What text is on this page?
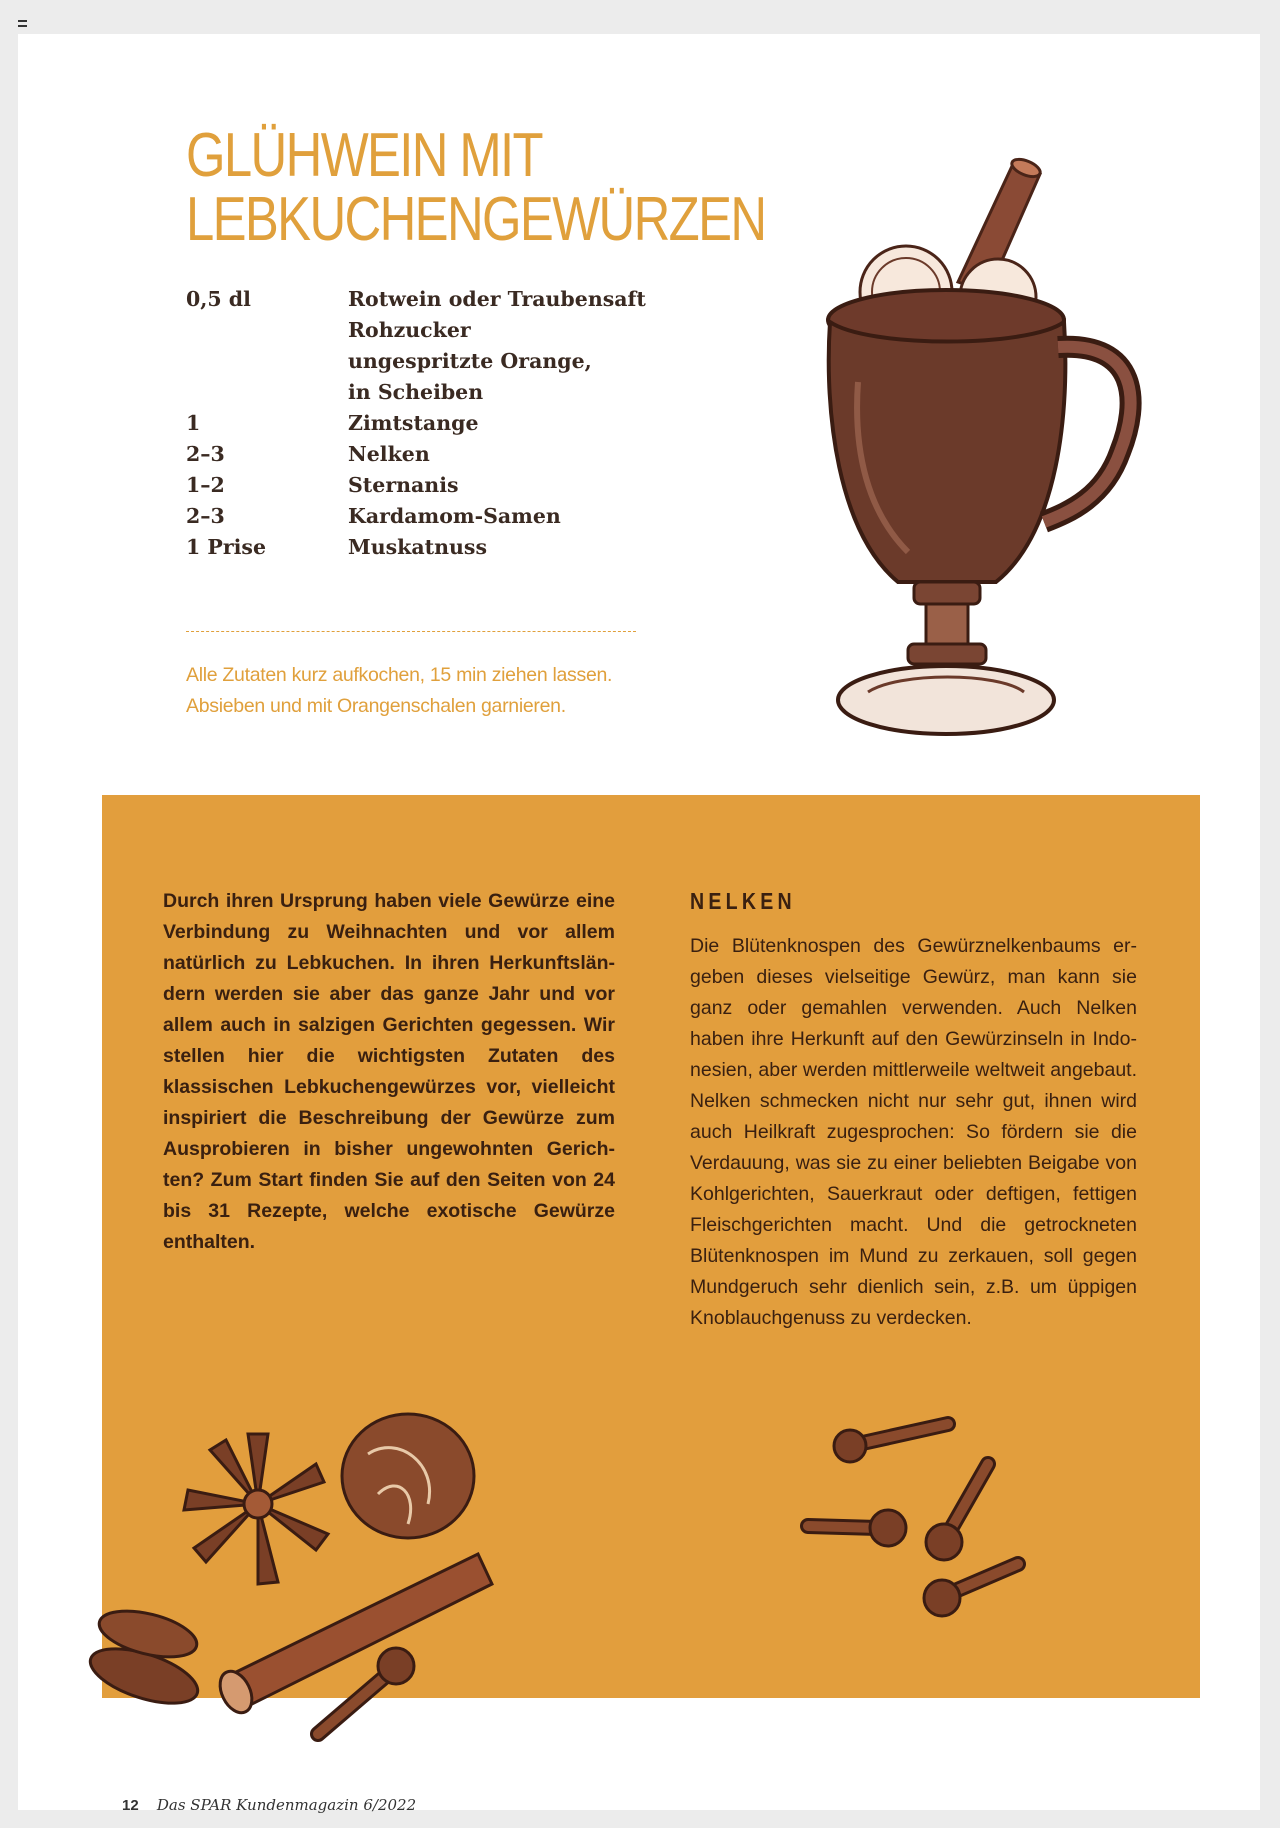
GLÜHWEIN MIT
LEBKUCHENGEWÜRZEN
0,5 dl	Rotwein oder Traubensaft
Rohzucker
ungespritzte Orange,
in Scheiben
1	Zimtstange
2–3	Nelken
1–2	Sternanis
2–3	Kardamom-Samen
1 Prise	Muskatnuss
Alle Zutaten kurz aufkochen, 15 min ziehen lassen.
Absieben und mit Orangenschalen garnieren.
Durch ihren Ursprung haben viele Gewürze eine Verbindung zu Weihnachten und vor allem natürlich zu Lebkuchen. In ihren Herkunftsländern werden sie aber das ganze Jahr und vor allem auch in salzigen Gerichten gegessen. Wir stellen hier die wichtigsten Zutaten des klassischen Lebkuchengewürzes vor, vielleicht inspiriert die Beschreibung der Gewürze zum Ausprobieren in bisher ungewohnten Gerichten? Zum Start finden Sie auf den Seiten von 24 bis 31 Rezepte, welche exotische Gewürze enthalten.
NELKEN
Die Blütenknospen des Gewürznelkenbaums ergeben dieses vielseitige Gewürz, man kann sie ganz oder gemahlen verwenden. Auch Nelken haben ihre Herkunft auf den Gewürzinseln in Indonesien, aber werden mittlerweile weltweit angebaut. Nelken schmecken nicht nur sehr gut, ihnen wird auch Heilkraft zugesprochen: So fördern sie die Verdauung, was sie zu einer beliebten Beigabe von Kohlgerichten, Sauerkraut oder deftigen, fettigen Fleischgerichten macht. Und die getrockneten Blütenknospen im Mund zu zerkauen, soll gegen Mundgeruch sehr dienlich sein, z.B. um üppigen Knoblauchgenuss zu verdecken.
12 Das SPAR Kundenmagazin 6/2022
